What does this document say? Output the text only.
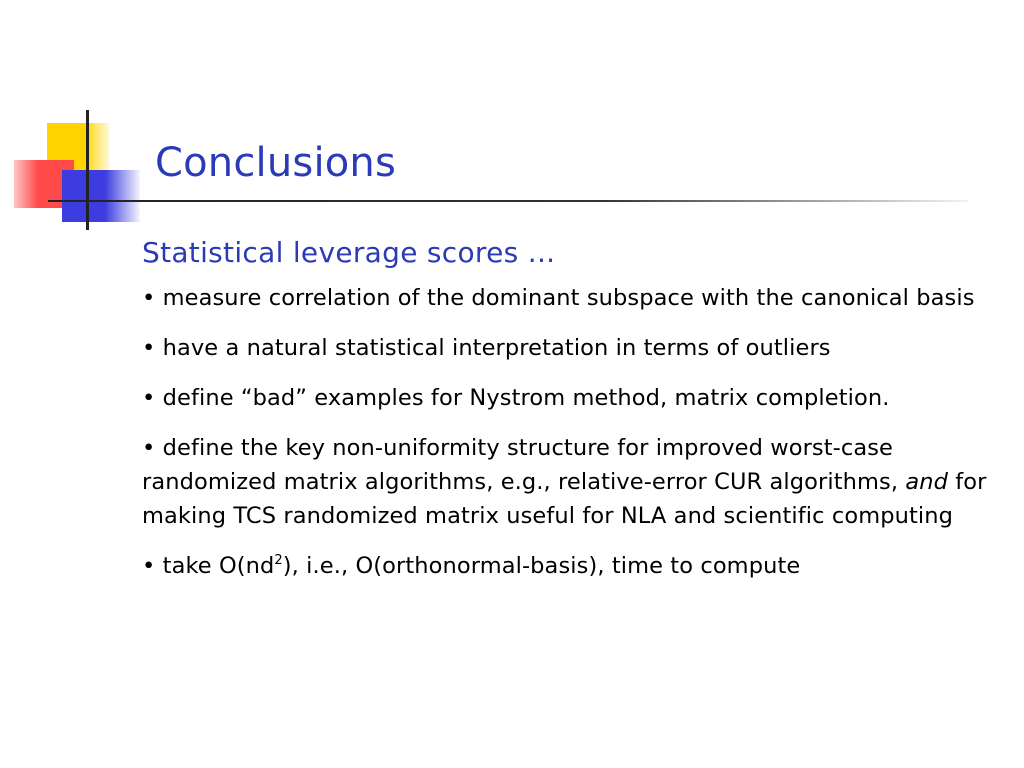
Conclusions
Statistical leverage scores ...
• measure correlation of the dominant subspace with the canonical basis
• have a natural statistical interpretation in terms of outliers
• define “bad” examples for Nystrom method, matrix completion.
• define the key non-uniformity structure for improved worst-case randomized matrix algorithms, e.g., relative-error CUR algorithms, and for making TCS randomized matrix useful for NLA and scientific computing
• take $O(nd^2)$, i.e., O(orthonormal-basis), time to compute
